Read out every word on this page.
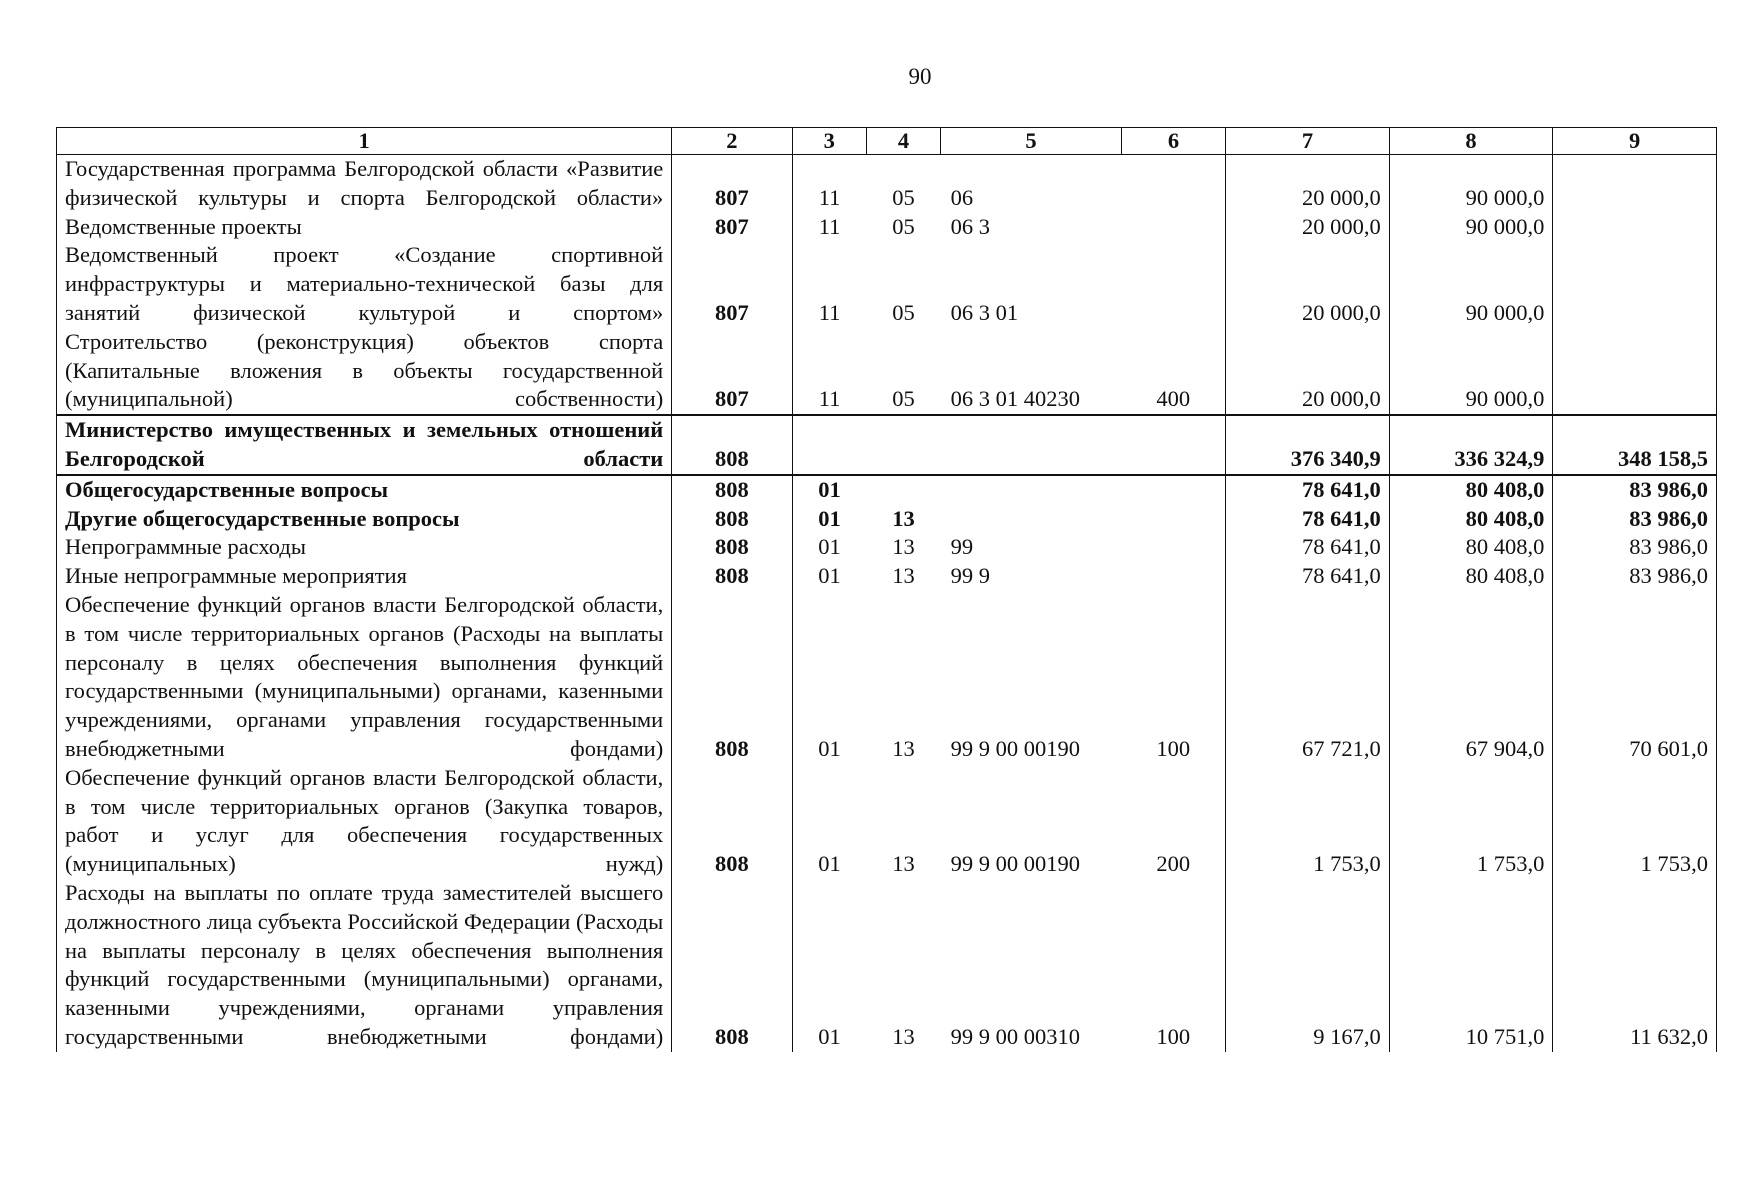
90
1	2	3	4	5	6	7	8	9
Государственная программа Белгородской области «Развитие физической культуры и спорта Белгородской области»	807	11	05	06		20 000,0	90 000,0	
Ведомственные проекты	807	11	05	06 3		20 000,0	90 000,0	
Ведомственный проект «Создание спортивной инфраструктуры и материально-технической базы для занятий физической культурой и спортом»	807	11	05	06 3 01		20 000,0	90 000,0	
Строительство (реконструкция) объектов спорта (Капитальные вложения в объекты государственной (муниципальной) собственности)	807	11	05	06 3 01 40230	400	20 000,0	90 000,0	
Министерство имущественных и земельных отношений Белгородской области	808					376 340,9	336 324,9	348 158,5
Общегосударственные вопросы	808	01				78 641,0	80 408,0	83 986,0
Другие общегосударственные вопросы	808	01	13			78 641,0	80 408,0	83 986,0
Непрограммные расходы	808	01	13	99		78 641,0	80 408,0	83 986,0
Иные непрограммные мероприятия	808	01	13	99 9		78 641,0	80 408,0	83 986,0
Обеспечение функций органов власти Белгородской области, в том числе территориальных органов (Расходы на выплаты персоналу в целях обеспечения выполнения функций государственными (муниципальными) органами, казенными учреждениями, органами управления государственными внебюджетными фондами)	808	01	13	99 9 00 00190	100	67 721,0	67 904,0	70 601,0
Обеспечение функций органов власти Белгородской области, в том числе территориальных органов (Закупка товаров, работ и услуг для обеспечения государственных (муниципальных) нужд)	808	01	13	99 9 00 00190	200	1 753,0	1 753,0	1 753,0
Расходы на выплаты по оплате труда заместителей высшего должностного лица субъекта Российской Федерации (Расходы на выплаты персоналу в целях обеспечения выполнения функций государственными (муниципальными) органами, казенными учреждениями, органами управления государственными внебюджетными фондами)	808	01	13	99 9 00 00310	100	9 167,0	10 751,0	11 632,0
